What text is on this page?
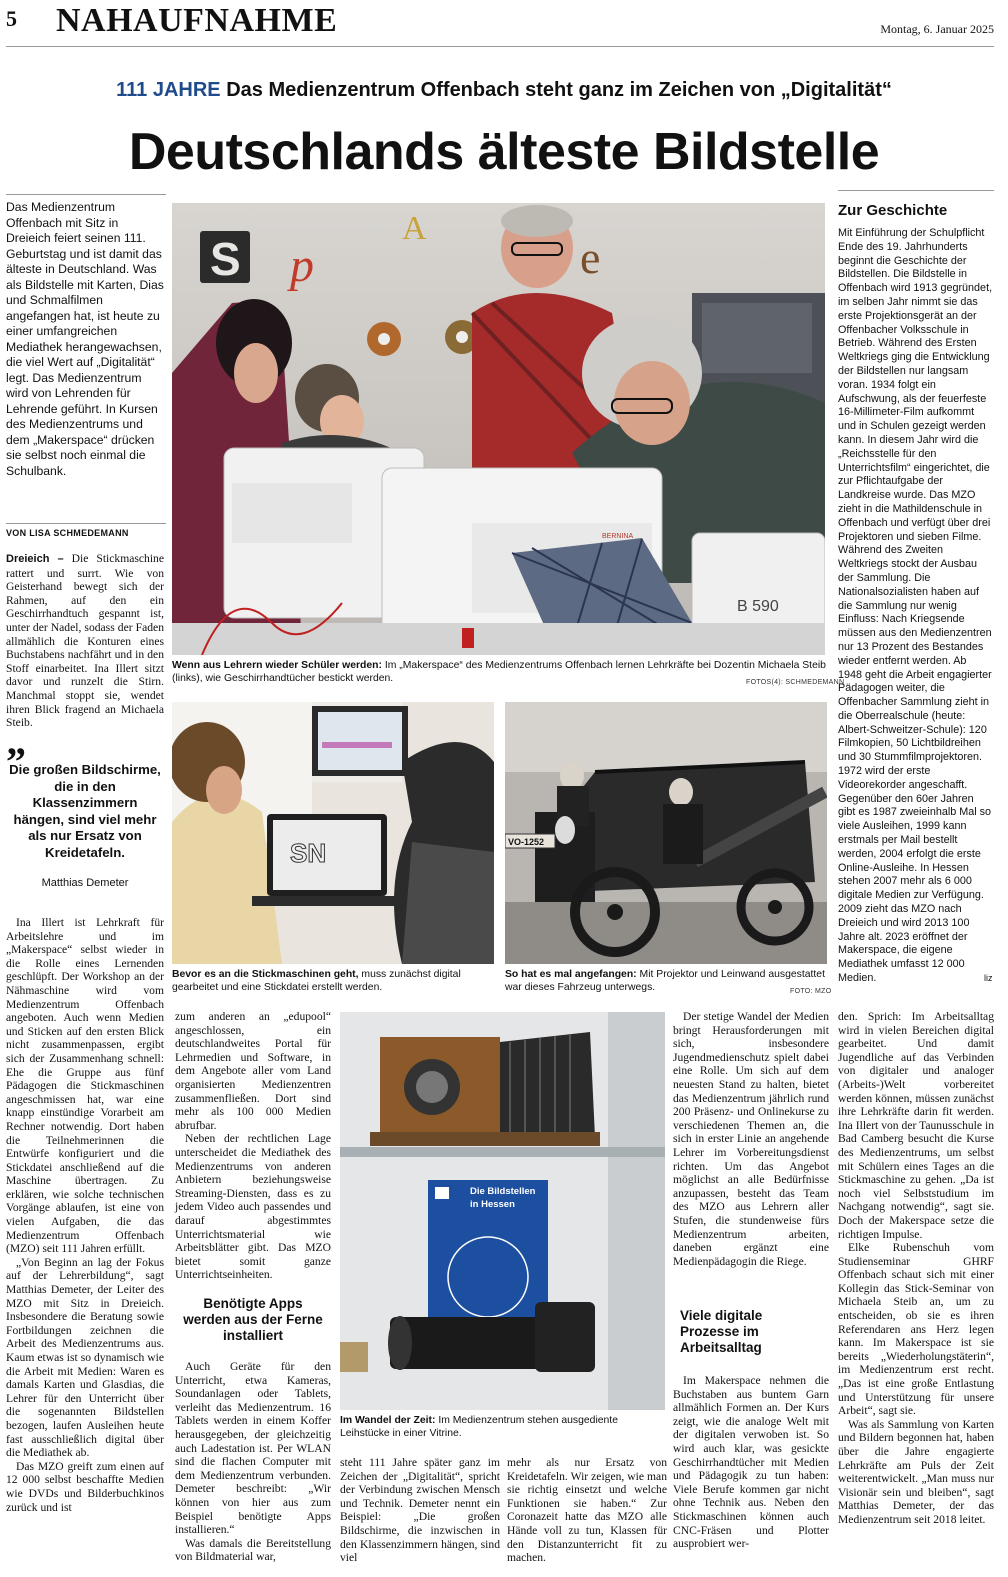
5 NAHAUFNAHME	Montag, 6. Januar 2025
111 JAHRE Das Medienzentrum Offenbach steht ganz im Zeichen von „Digitalität“
Deutschlands älteste Bildstelle
Das Medienzentrum Offenbach mit Sitz in Dreieich feiert seinen 111. Geburtstag und ist damit das älteste in Deutschland. Was als Bildstelle mit Karten, Dias und Schmalfilmen angefangen hat, ist heute zu einer umfangreichen Mediathek herangewachsen, die viel Wert auf „Digitalität“ legt. Das Medienzentrum wird von Lehrenden für Lehrende geführt. In Kursen des Medienzentrums und dem „Makerspace“ drücken sie selbst noch einmal die Schulbank.
VON LISA SCHMEDEMANN

Dreieich – Die Stickmaschine rattert und surrt. Wie von Geisterhand bewegt sich der Rahmen, auf den ein Geschirrhandtuch gespannt ist, unter der Nadel, sodass der Faden allmählich die Konturen eines Buchstabens nachfährt und in den Stoff einarbeitet. Ina Illert sitzt davor und runzelt die Stirn. Manchmal stoppt sie, wendet ihren Blick fragend an Michaela Steib.

”
Die großen Bildschirme, die in den Klassenzimmern hängen, sind viel mehr als nur Ersatz von Kreidetafeln.
Matthias Demeter

Ina Illert ist Lehrkraft für Arbeitslehre und im „Makerspace“ selbst wieder in die Rolle eines Lernenden geschlüpft. Der Workshop an der Nähmaschine wird vom Medienzentrum Offenbach angeboten. Auch wenn Medien und Sticken auf den ersten Blick nicht zusammenpassen, ergibt sich der Zusammenhang schnell: Ehe die Gruppe aus fünf Pädagogen die Stickmaschinen angeschmissen hat, war eine knapp einstündige Vorarbeit am Rechner notwendig. Dort haben die Teilnehmerinnen die Entwürfe konfiguriert und die Stickdatei anschließend auf die Maschine übertragen. Zu erklären, wie solche technischen Vorgänge ablaufen, ist eine von vielen Aufgaben, die das Medienzentrum Offenbach (MZO) seit 111 Jahren erfüllt.

„Von Beginn an lag der Fokus auf der Lehrerbildung“, sagt Matthias Demeter, der Leiter des MZO mit Sitz in Dreieich. Insbesondere die Beratung sowie Fortbildungen zeichnen die Arbeit des Medienzentrums aus. Kaum etwas ist so dynamisch wie die Arbeit mit Medien: Waren es damals Karten und Glasdias, die Lehrer für den Unterricht über die sogenannten Bildstellen bezogen, laufen Ausleihen heute fast ausschließlich digital über die Mediathek ab.

Das MZO greift zum einen auf 12 000 selbst beschaffte Medien wie DVDs und Bilderbuchkinos zurück und ist

S p
A
e
BERNINA
B 590
Wenn aus Lehrern wieder Schüler werden: Im „Makerspace“ des Medienzentrums Offenbach lernen Lehrkräfte bei Dozentin Michaela Steib (links), wie Geschirrhandtücher bestickt werden.	FOTOS(4): SCHMEDEMANN
SN
Bevor es an die Stickmaschinen geht, muss zunächst digital gearbeitet und eine Stickdatei erstellt werden.
VO-1252
So hat es mal angefangen: Mit Projektor und Leinwand ausgestattet war dieses Fahrzeug unterwegs.	FOTO: MZO
Zur Geschichte
Mit Einführung der Schulpflicht Ende des 19. Jahrhunderts beginnt die Geschichte der Bildstellen. Die Bildstelle in Offenbach wird 1913 gegründet, im selben Jahr nimmt sie das erste Projektionsgerät an der Offenbacher Volksschule in Betrieb. Während des Ersten Weltkriegs ging die Entwicklung der Bildstellen nur langsam voran. 1934 folgt ein Aufschwung, als der feuerfeste 16-Millimeter-Film aufkommt und in Schulen gezeigt werden kann. In diesem Jahr wird die „Reichsstelle für den Unterrichtsfilm“ eingerichtet, die zur Pflichtaufgabe der Landkreise wurde. Das MZO zieht in die Mathildenschule in Offenbach und verfügt über drei Projektoren und sieben Filme. Während des Zweiten Weltkriegs stockt der Ausbau der Sammlung. Die Nationalsozialisten haben auf die Sammlung nur wenig Einfluss: Nach Kriegsende müssen aus den Medienzentren nur 13 Prozent des Bestandes wieder entfernt werden. Ab 1948 geht die Arbeit engagierter Pädagogen weiter, die Offenbacher Sammlung zieht in die Oberrealschule (heute: Albert-Schweitzer-Schule): 120 Filmkopien, 50 Lichtbildreihen und 30 Stummfilmprojektoren. 1972 wird der erste Videorekorder angeschafft. Gegenüber den 60er Jahren gibt es 1987 zweieinhalb Mal so viele Ausleihen, 1999 kann erstmals per Mail bestellt werden, 2004 erfolgt die erste Online-Ausleihe. In Hessen stehen 2007 mehr als 6 000 digitale Medien zur Verfügung. 2009 zieht das MZO nach Dreieich und wird 2013 100 Jahre alt. 2023 eröffnet der Makerspace, die eigene Mediathek umfasst 12 000 Medien.	liz

zum anderen an „edupool“ angeschlossen, ein deutschlandweites Portal für Lehrmedien und Software, in dem Angebote aller vom Land organisierten Medienzentren zusammenfließen. Dort sind mehr als 100 000 Medien abrufbar.

Neben der rechtlichen Lage unterscheidet die Mediathek des Medienzentrums von anderen Anbietern beziehungsweise Streaming-Diensten, dass es zu jedem Video auch passendes und darauf abgestimmtes Unterrichtsmaterial wie Arbeitsblätter gibt. Das MZO bietet somit ganze Unterrichtseinheiten.

Benötigte Apps werden aus der Ferne installiert

Auch Geräte für den Unterricht, etwa Kameras, Soundanlagen oder Tablets, verleiht das Medienzentrum. 16 Tablets werden in einem Koffer herausgegeben, der gleichzeitig auch Ladestation ist. Per WLAN sind die flachen Computer mit dem Medienzentrum verbunden. Demeter beschreibt: „Wir können von hier aus zum Beispiel benötigte Apps installieren.“

Was damals die Bereitstellung von Bildmaterial war,

Die Bildstellen
in Hessen
Im Wandel der Zeit: Im Medienzentrum stehen ausgediente Leihstücke in einer Vitrine.

steht 111 Jahre später ganz im Zeichen der „Digitalität“, spricht der Verbindung zwischen Mensch und Technik. Demeter nennt ein Beispiel: „Die großen Bildschirme, die inzwischen in den Klassenzimmern hängen, sind viel

mehr als nur Ersatz von Kreidetafeln. Wir zeigen, wie man sie richtig einsetzt und welche Funktionen sie haben.“ Zur Coronazeit hatte das MZO alle Hände voll zu tun, Klassen für den Distanzunterricht fit zu machen.

Der stetige Wandel der Medien bringt Herausforderungen mit sich, insbesondere Jugendmedienschutz spielt dabei eine Rolle. Um sich auf dem neuesten Stand zu halten, bietet das Medienzentrum jährlich rund 200 Präsenz- und Onlinekurse zu verschiedenen Themen an, die sich in erster Linie an angehende Lehrer im Vorbereitungsdienst richten. Um das Angebot möglichst an alle Bedürfnisse anzupassen, besteht das Team des MZO aus Lehrern aller Stufen, die stundenweise fürs Medienzentrum arbeiten, daneben ergänzt eine Medienpädagogin die Riege.

Viele digitale Prozesse im Arbeitsalltag

Im Makerspace nehmen die Buchstaben aus buntem Garn allmählich Formen an. Der Kurs zeigt, wie die analoge Welt mit der digitalen verwoben ist. So wird auch klar, was gesickte Geschirrhandtücher mit Medien und Pädagogik zu tun haben: Viele Berufe kommen gar nicht ohne Technik aus. Neben den Stickmaschinen können auch CNC-Fräsen und Plotter ausprobiert wer-

den. Sprich: Im Arbeitsalltag wird in vielen Bereichen digital gearbeitet. Und damit Jugendliche auf das Verbinden von digitaler und analoger (Arbeits-)Welt vorbereitet werden können, müssen zunächst ihre Lehrkräfte darin fit werden. Ina Illert von der Taunusschule in Bad Camberg besucht die Kurse des Medienzentrums, um selbst mit Schülern eines Tages an die Stickmaschine zu gehen. „Da ist noch viel Selbststudium im Nachgang notwendig“, sagt sie. Doch der Makerspace setze die richtigen Impulse.

Elke Rubenschuh vom Studienseminar GHRF Offenbach schaut sich mit einer Kollegin das Stick-Seminar von Michaela Steib an, um zu entscheiden, ob sie es ihren Referendaren ans Herz legen kann. Im Makerspace ist sie bereits „Wiederholungstäterin“, im Medienzentrum erst recht. „Das ist eine große Entlastung und Unterstützung für unsere Arbeit“, sagt sie.

Was als Sammlung von Karten und Bildern begonnen hat, haben über die Jahre engagierte Lehrkräfte am Puls der Zeit weiterentwickelt. „Man muss nur Visionär sein und bleiben“, sagt Matthias Demeter, der das Medienzentrum seit 2018 leitet.
